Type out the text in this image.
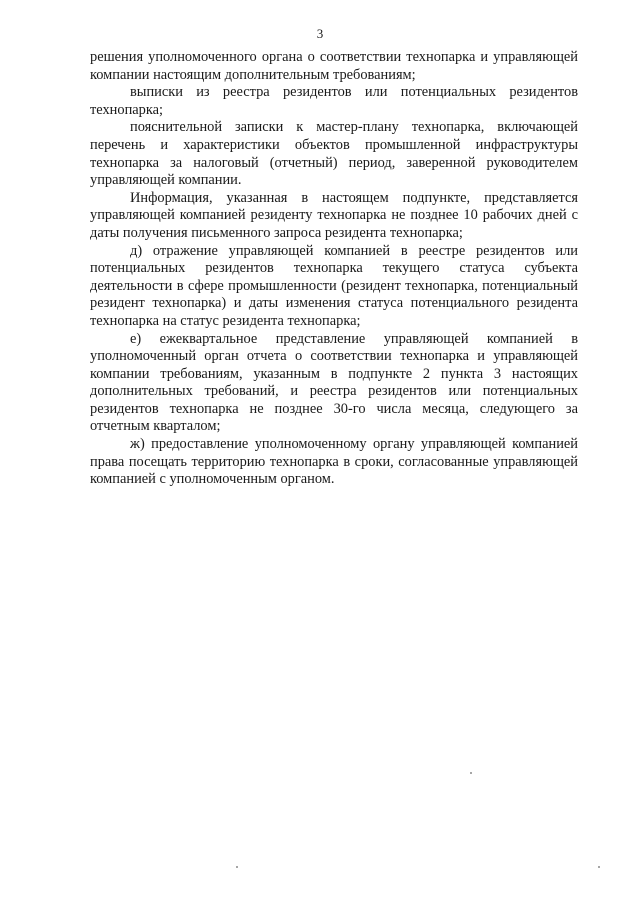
3

решения уполномоченного органа о соответствии технопарка и управляющей компании настоящим дополнительным требованиям;

выписки из реестра резидентов или потенциальных резидентов технопарка;

пояснительной записки к мастер-плану технопарка, включающей перечень и характеристики объектов промышленной инфраструктуры технопарка за налоговый (отчетный) период, заверенной руководителем управляющей компании.

Информация, указанная в настоящем подпункте, представляется управляющей компанией резиденту технопарка не позднее 10 рабочих дней с даты получения письменного запроса резидента технопарка;

д) отражение управляющей компанией в реестре резидентов или потенциальных резидентов технопарка текущего статуса субъекта деятельности в сфере промышленности (резидент технопарка, потенциальный резидент технопарка) и даты изменения статуса потенциального резидента технопарка на статус резидента технопарка;

е) ежеквартальное представление управляющей компанией в уполномоченный орган отчета о соответствии технопарка и управляющей компании требованиям, указанным в подпункте 2 пункта 3 настоящих дополнительных требований, и реестра резидентов или потенциальных резидентов технопарка не позднее 30-го числа месяца, следующего за отчетным кварталом;

ж) предоставление уполномоченному органу управляющей компанией права посещать территорию технопарка в сроки, согласованные управляющей компанией с уполномоченным органом.
